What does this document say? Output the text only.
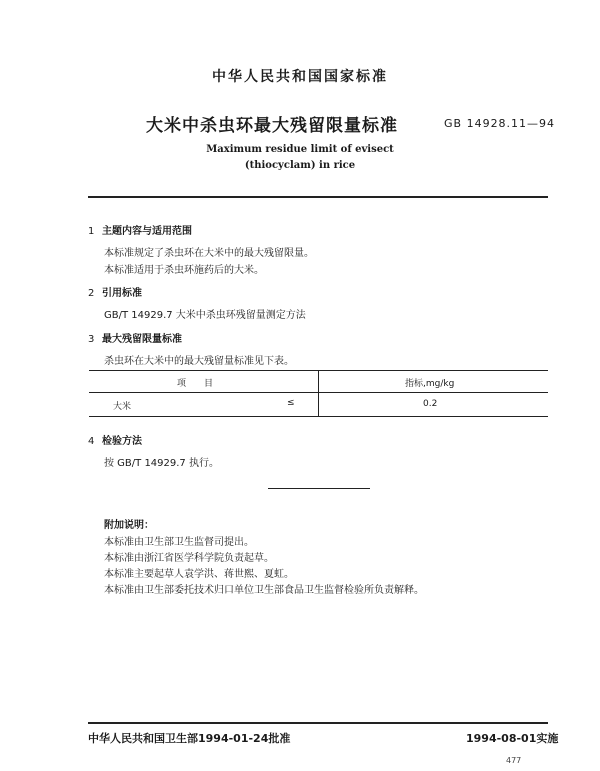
中华人民共和国国家标准
大米中杀虫环最大残留限量标准	GB 14928.11—94
Maximum residue limit of evisect
(thiocyclam) in rice
1 主题内容与适用范围
本标准规定了杀虫环在大米中的最大残留限量。
本标准适用于杀虫环施药后的大米。
2 引用标准
GB/T 14929.7 大米中杀虫环残留量测定方法
3 最大残留限量标准
杀虫环在大米中的最大残留量标准见下表。
项　　目	指标,mg/kg
大米	≤	0.2
4 检验方法
按 GB/T 14929.7 执行。
附加说明：
本标准由卫生部卫生监督司提出。
本标准由浙江省医学科学院负责起草。
本标准主要起草人袁学洪、蒋世熙、夏虹。
本标准由卫生部委托技术归口单位卫生部食品卫生监督检验所负责解释。
中华人民共和国卫生部1994-01-24批准	1994-08-01实施
477
